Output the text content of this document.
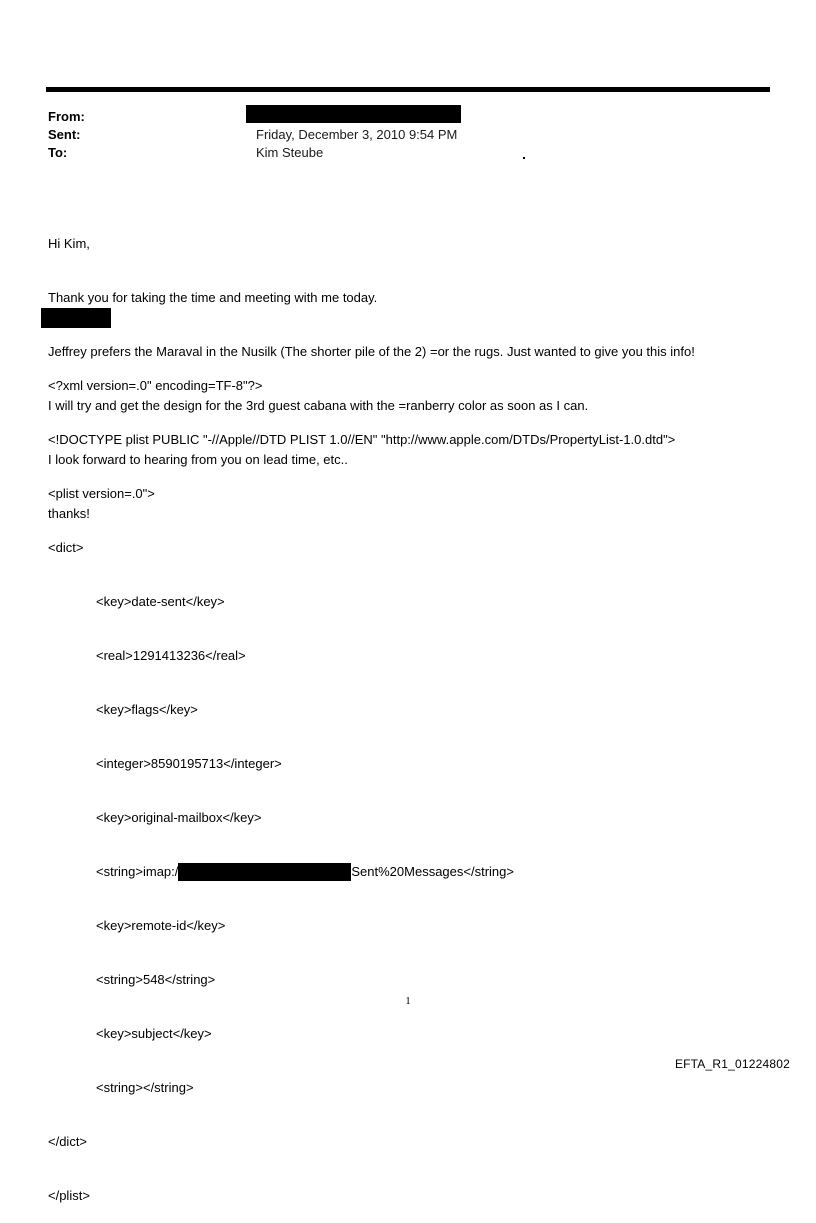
From:
Sent:	Friday, December 3, 2010 9:54 PM
To:	Kim Steube

Hi Kim,

Thank you for taking the time and meeting with me today.

Jeffrey prefers the Maraval in the Nusilk (The shorter pile of the 2) =or the rugs. Just wanted to give you this info!

I will try and get the design for the 3rd guest cabana with the =ranberry color as soon as I can.

I look forward to hearing from you on lead time, etc..

thanks!

<?xml version=.0" encoding=TF-8"?>

<!DOCTYPE plist PUBLIC "-//Apple//DTD PLIST 1.0//EN" "http://www.apple.com/DTDs/PropertyList-1.0.dtd">

<plist version=.0">

<dict>

<key>date-sent</key>

<real>1291413236</real>

<key>flags</key>

<integer>8590195713</integer>

<key>original-mailbox</key>

<string>imap:/	Sent%20Messages</string>

<key>remote-id</key>

<string>548</string>

<key>subject</key>

<string></string>

</dict>

</plist>

1
EFTA_R1_01224802
